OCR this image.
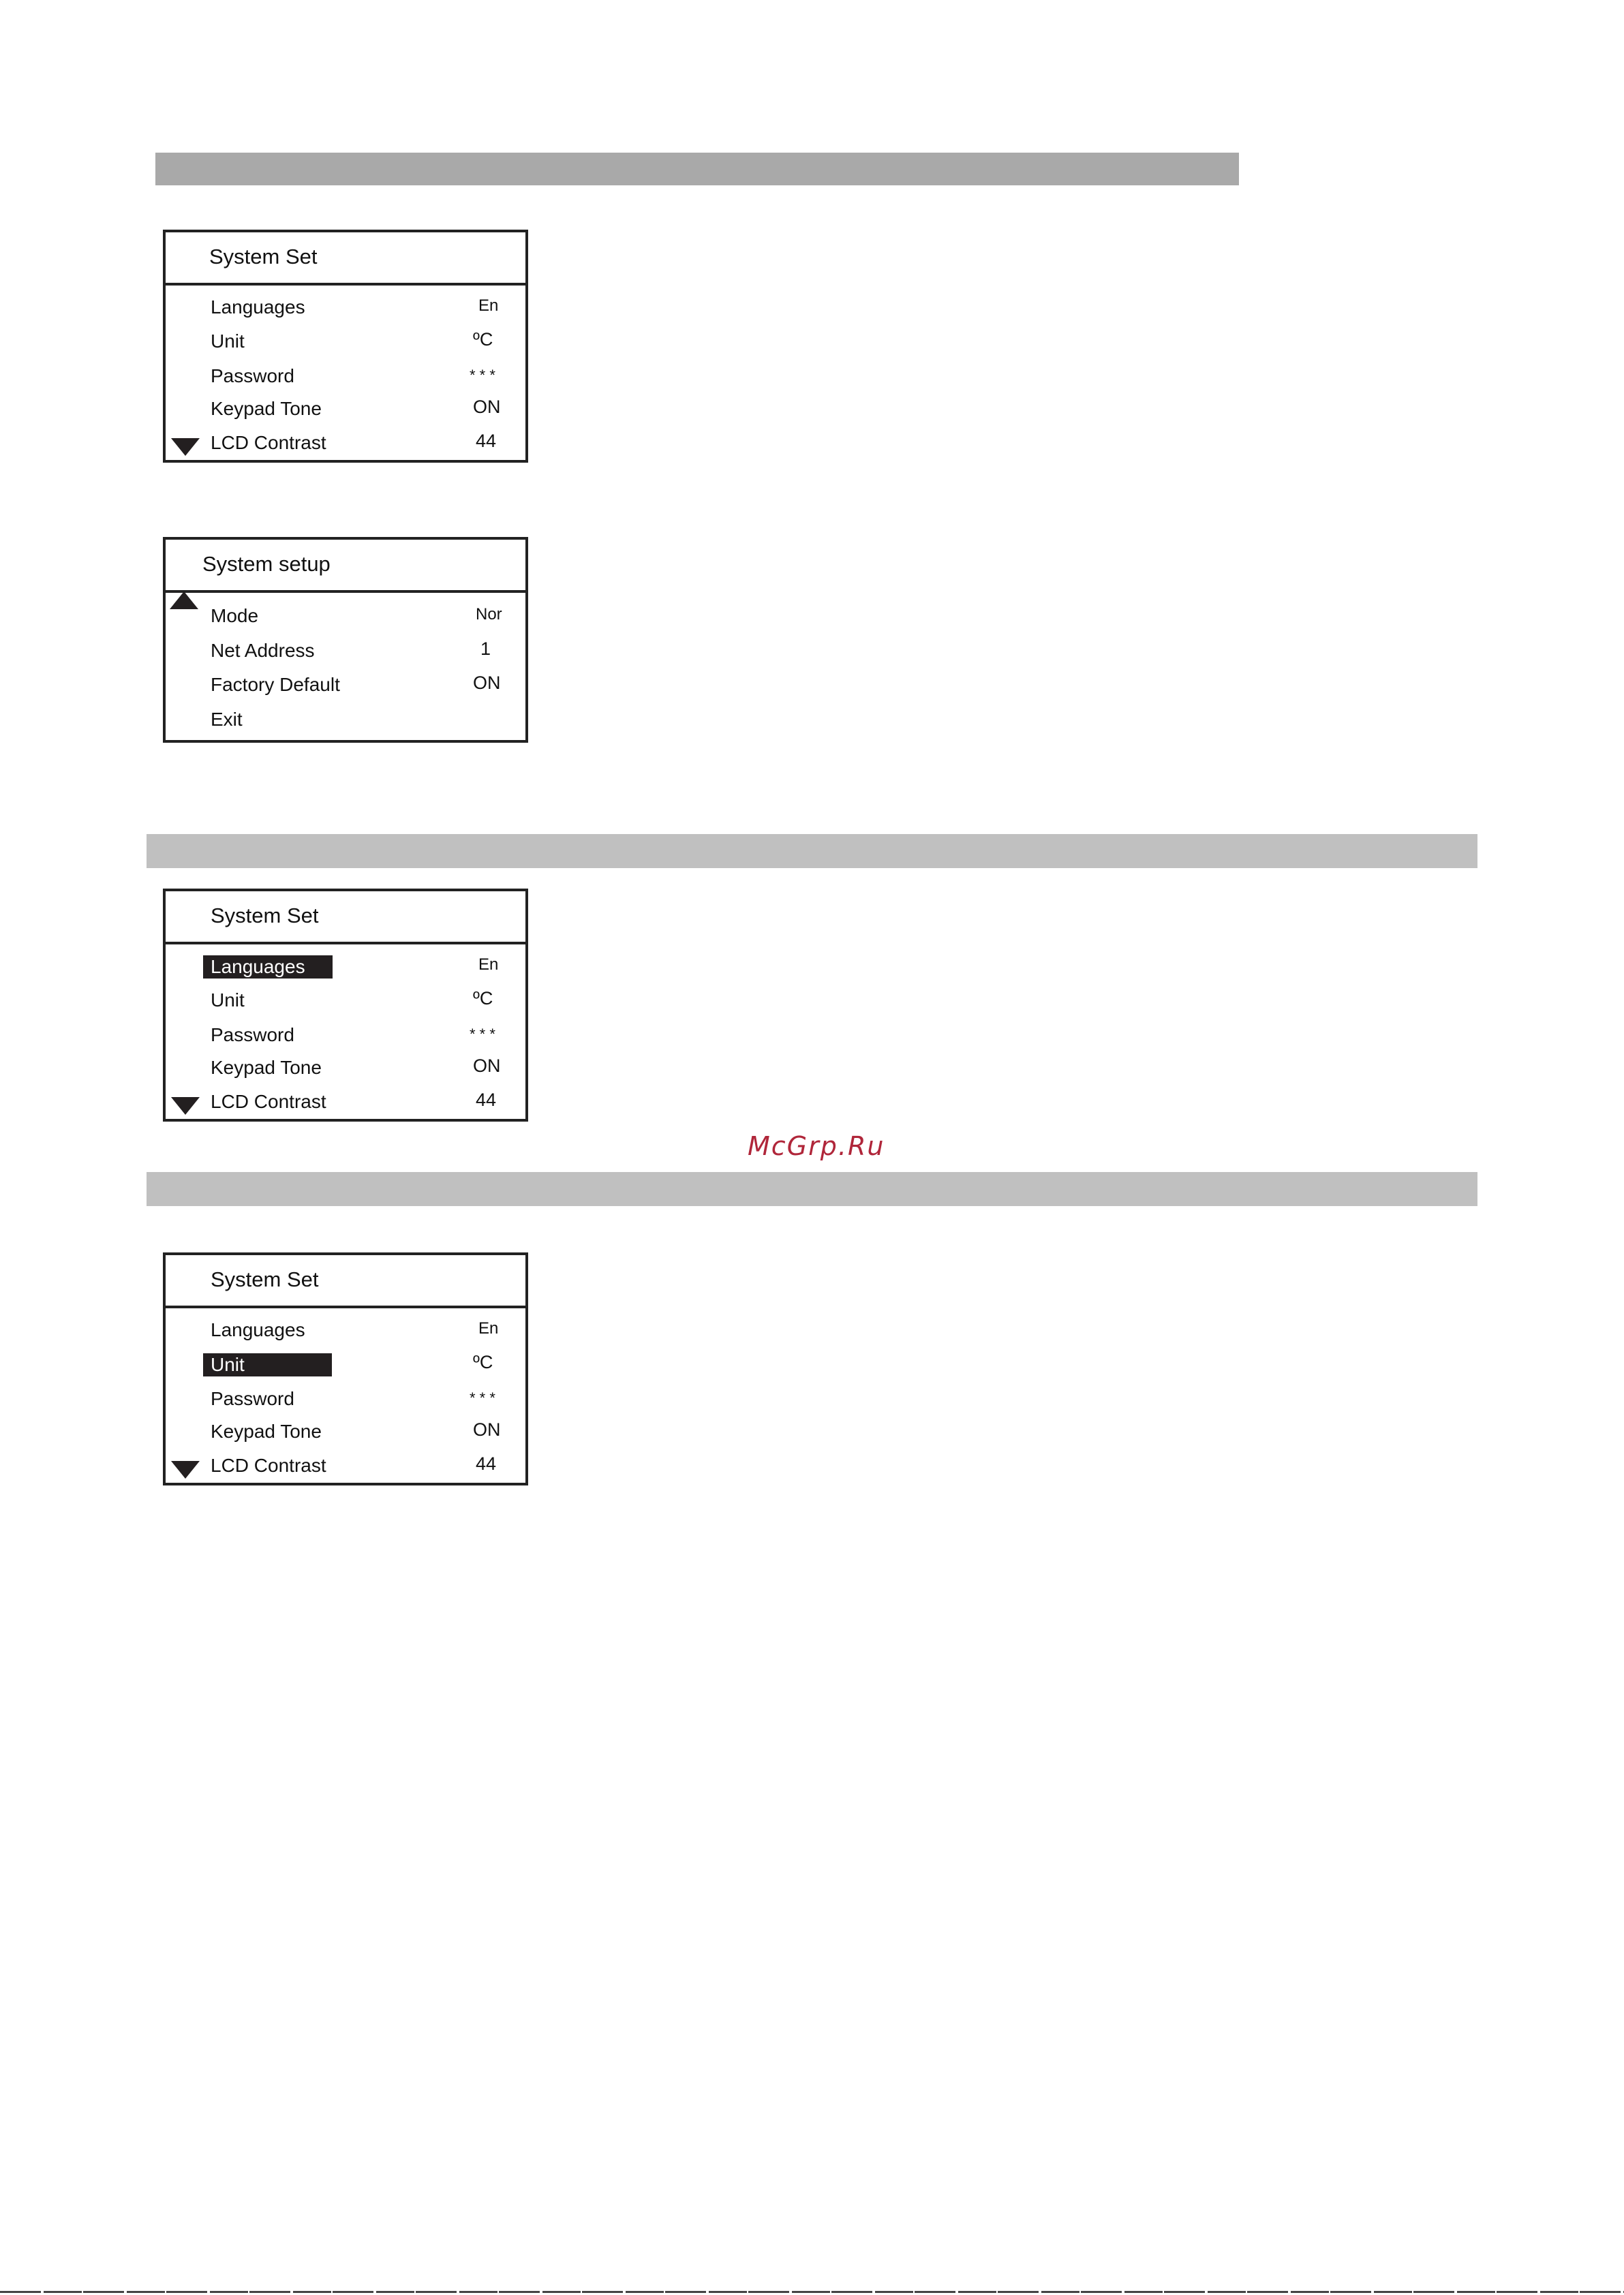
System Set
Languages	En
Unit	ºC
Password	* * *
Keypad Tone	ON
LCD Contrast	44
System setup
Mode	Nor
Net Address	1
Factory Default	ON
Exit
System Set
Languages	En
Unit	ºC
Password	* * *
Keypad Tone	ON
LCD Contrast	44
McGrp.Ru
System Set
Languages	En
Unit	ºC
Password	* * *
Keypad Tone	ON
LCD Contrast	44
